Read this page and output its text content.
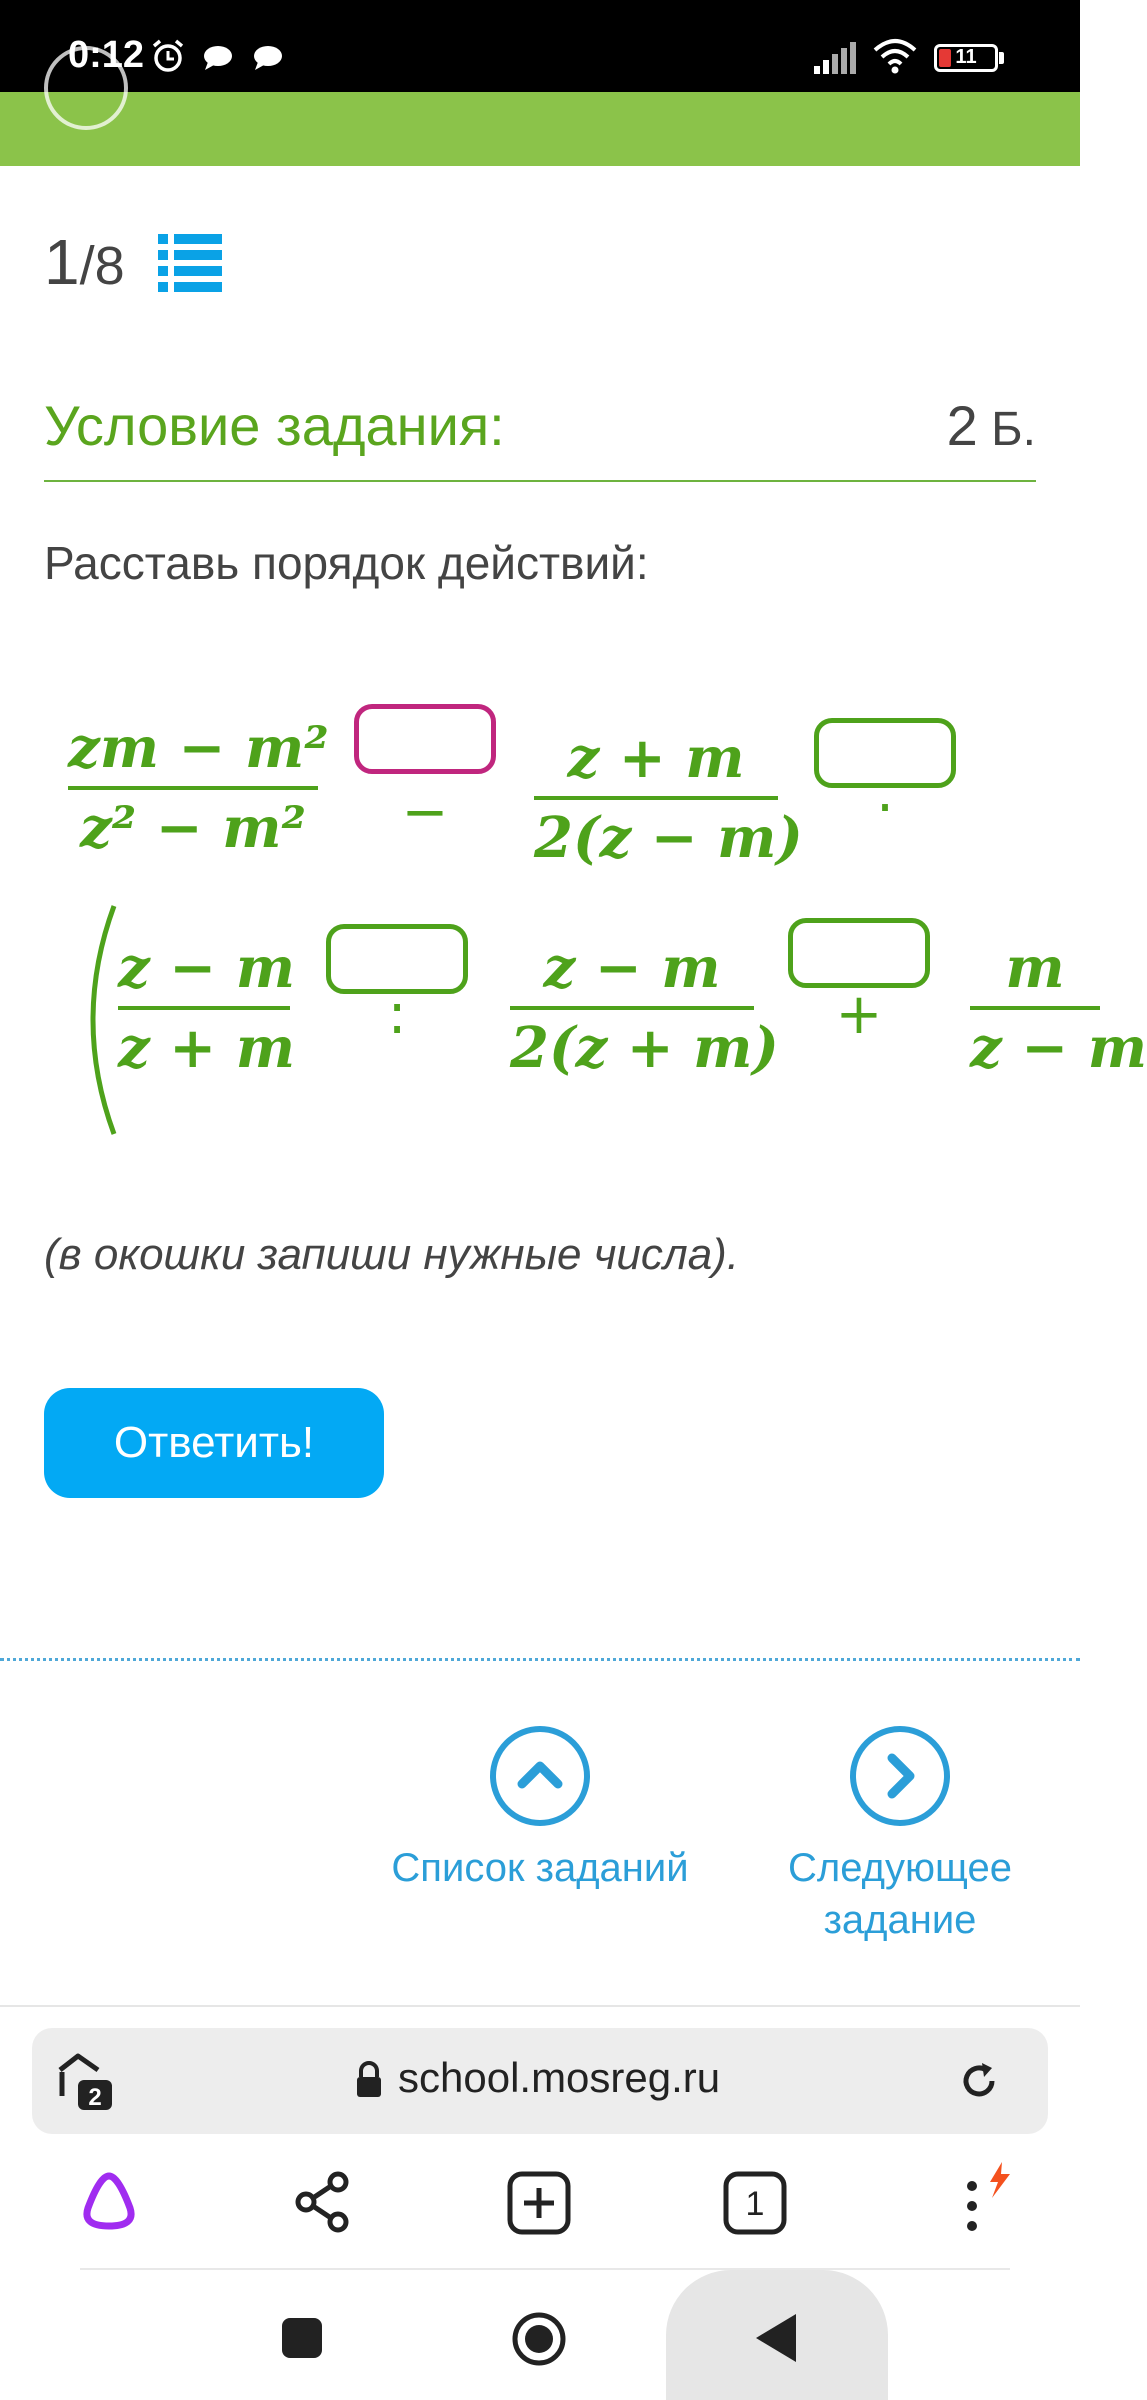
0:12	11
1/8
Условие задания:	2 Б.
Расставь порядок действий:
zm − m²
z² − m²	−
z + m
2(z − m)	·
z − m
z + m
:
z − m
2(z + m)
+
m
z − m
(в окошки запиши нужные числа).
Ответить!
Список заданий	Следующее
задание
2	school.mosreg.ru
1
